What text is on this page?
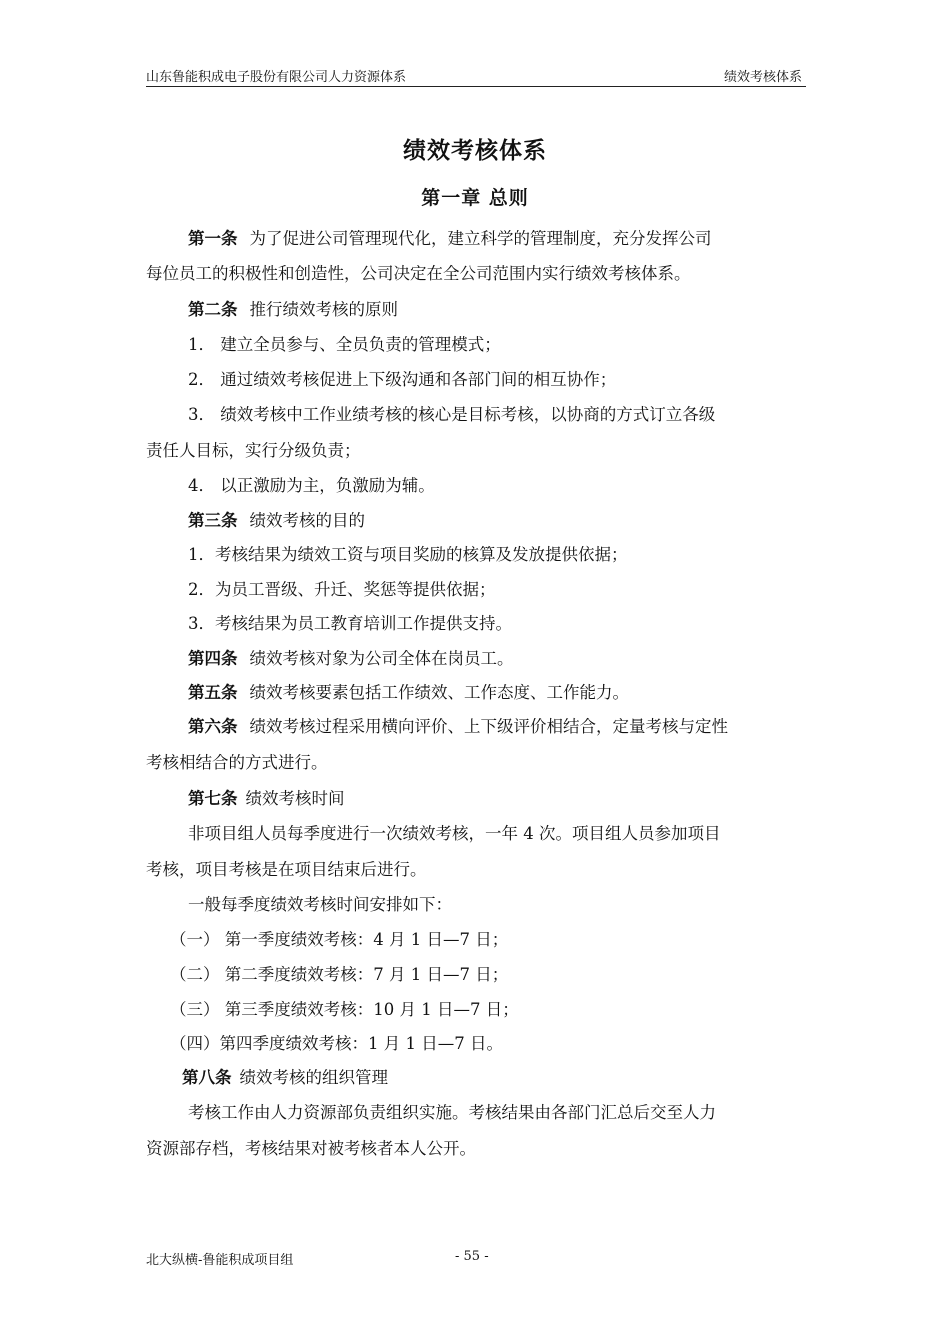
山东鲁能积成电子股份有限公司人力资源体系	绩效考核体系
绩效考核体系
第一章 总则
第一条 为了促进公司管理现代化，建立科学的管理制度，充分发挥公司
每位员工的积极性和创造性，公司决定在全公司范围内实行绩效考核体系。
第二条 推行绩效考核的原则
1． 建立全员参与、全员负责的管理模式；
2． 通过绩效考核促进上下级沟通和各部门间的相互协作；
3． 绩效考核中工作业绩考核的核心是目标考核，以协商的方式订立各级
责任人目标，实行分级负责；
4． 以正激励为主，负激励为辅。
第三条 绩效考核的目的
1．考核结果为绩效工资与项目奖励的核算及发放提供依据；
2．为员工晋级、升迁、奖惩等提供依据；
3．考核结果为员工教育培训工作提供支持。
第四条 绩效考核对象为公司全体在岗员工。
第五条 绩效考核要素包括工作绩效、工作态度、工作能力。
第六条 绩效考核过程采用横向评价、上下级评价相结合，定量考核与定性
考核相结合的方式进行。
第七条 绩效考核时间
非项目组人员每季度进行一次绩效考核，一年 4 次。项目组人员参加项目
考核，项目考核是在项目结束后进行。
一般每季度绩效考核时间安排如下：
（一） 第一季度绩效考核：4 月 1 日—7 日；
（二） 第二季度绩效考核：7 月 1 日—7 日；
（三） 第三季度绩效考核：10 月 1 日—7 日；
（四）第四季度绩效考核：1 月 1 日—7 日。
第八条 绩效考核的组织管理
考核工作由人力资源部负责组织实施。考核结果由各部门汇总后交至人力
资源部存档，考核结果对被考核者本人公开。
北大纵横-鲁能积成项目组	- 55 -
